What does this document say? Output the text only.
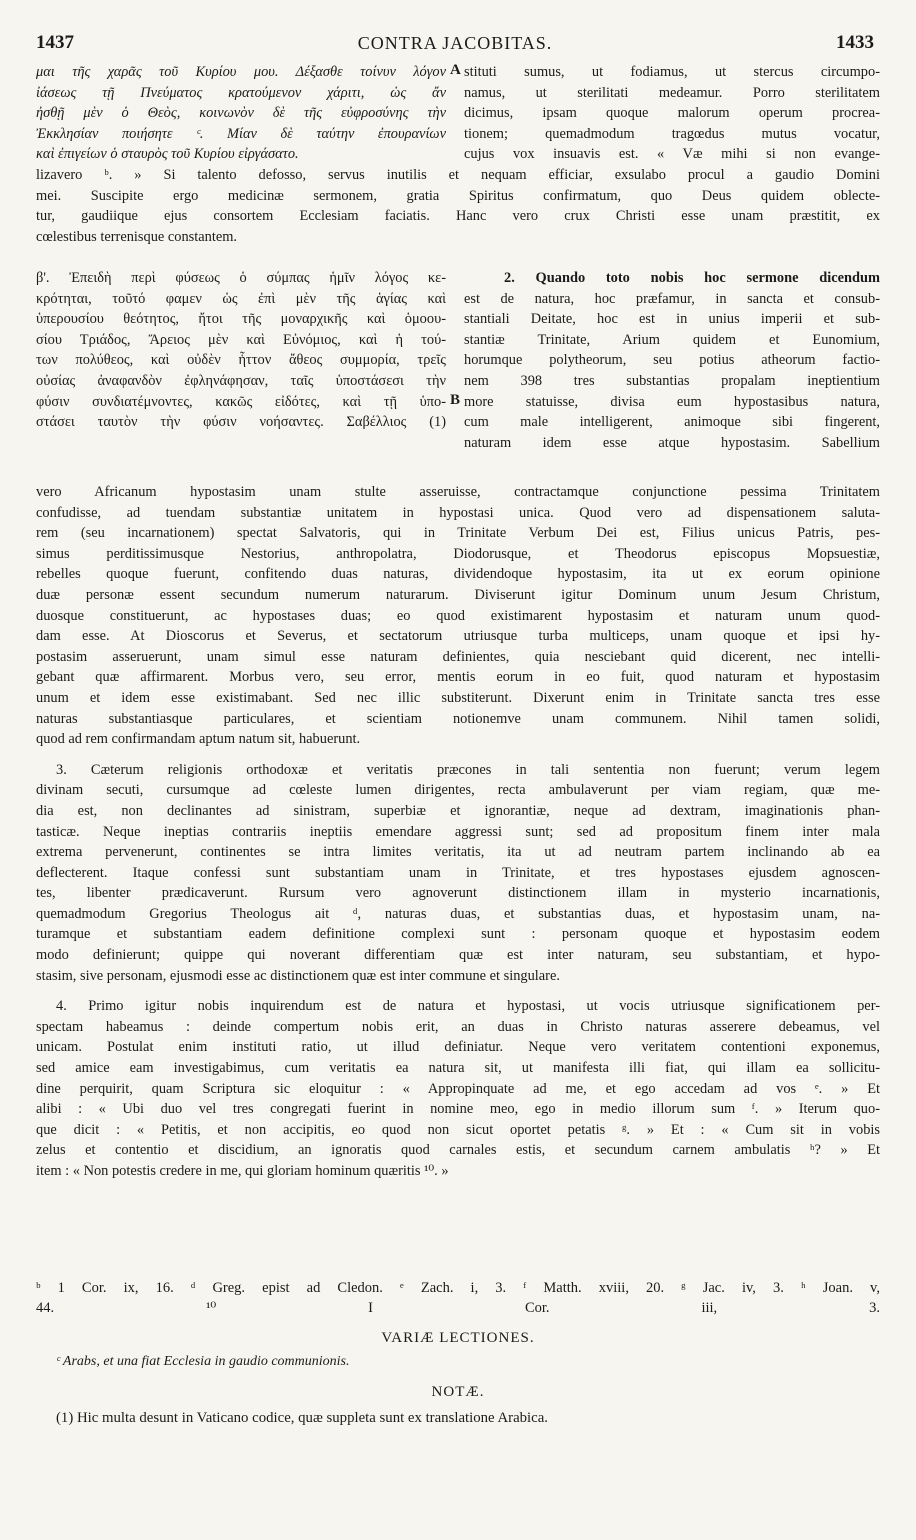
1437	CONTRA JACOBITAS.	1433
μαι τῆς χαρᾶς τοῦ Κυρίου μου. Δέξασθε τοίνυν λόγον
ἰάσεως τῇ Πνεύματος κρατούμενον χάριτι, ὡς ἄν
ἠσθῇ μὲν ὁ Θεὸς, κοινωνὸν δὲ τῆς εὐφροσύνης τὴν
Ἐκκλησίαν ποιήσητε ᶜ. Μίαν δὲ ταύτην ἐπουρανίων
καὶ ἐπιγείων ὁ σταυρὸς τοῦ Κυρίου εἰργάσατο.
A stituti sumus, ut fodiamus, ut stercus circumpo-
namus, ut sterilitati medeamur. Porro sterilitatem
dicimus, ipsam quoque malorum operum procrea-
tionem; quemadmodum tragœdus mutus vocatur,
cujus vox insuavis est. « Væ mihi si non evange-
lizavero ᵇ. » Si talento defosso, servus inutilis et nequam efficiar, exsulabo procul a gaudio Domini
mei. Suscipite ergo medicinæ sermonem, gratia Spiritus confirmatum, quo Deus quidem oblecte-
tur, gaudiique ejus consortem Ecclesiam faciatis. Hanc vero crux Christi esse unam præstitit, ex
cœlestibus terrenisque constantem.
β'. Ἐπειδὴ περὶ φύσεως ὁ σύμπας ἡμῖν λόγος κε-
κρότηται, τοῦτό φαμεν ὡς ἐπὶ μὲν τῆς ἁγίας καὶ
ὑπερουσίου θεότητος, ἤτοι τῆς μοναρχικῆς καὶ ὁμοου-
σίου Τριάδος, Ἄρειος μὲν καὶ Εὐνόμιος, καὶ ἡ τού-
των πολύθεος, καὶ οὐδὲν ἧττον ἄθεος συμμορία, τρεῖς
οὐσίας ἀναφανδὸν ἐφληνάφησαν, ταῖς ὑποστάσεσι τὴν
φύσιν συνδιατέμνοντες, κακῶς εἰδότες, καὶ τῇ ὑπο-
στάσει ταυτὸν τὴν φύσιν νοήσαντες. Σαβέλλιος (1)
B
2. Quando toto nobis hoc sermone dicendum
est de natura, hoc præfamur, in sancta et consub-
stantiali Deitate, hoc est in unius imperii et sub-
stantiæ Trinitate, Arium quidem et Eunomium,
horumque polytheorum, seu potius atheorum factio-
nem 398 tres substantias propalam ineptientium
more statuisse, divisa eum hypostasibus natura,
cum male intelligerent, animoque sibi fingerent,
naturam idem esse atque hypostasim. Sabellium
vero Africanum hypostasim unam stulte asseruisse, contractamque conjunctione pessima Trinitatem
confudisse, ad tuendam substantiæ unitatem in hypostasi unica. Quod vero ad dispensationem saluta-
rem (seu incarnationem) spectat Salvatoris, qui in Trinitate Verbum Dei est, Filius unicus Patris, pes-
simus perditissimusque Nestorius, anthropolatra, Diodorusque, et Theodorus episcopus Mopsuestiæ,
rebelles quoque fuerunt, confitendo duas naturas, dividendoque hypostasim, ita ut ex eorum opinione
duæ personæ essent secundum numerum naturarum. Diviserunt igitur Dominum unum Jesum Christum,
duosque constituerunt, ac hypostases duas; eo quod existimarent hypostasim et naturam unum quod-
dam esse. At Dioscorus et Severus, et sectatorum utriusque turba multiceps, unam quoque et ipsi hy-
postasim asseruerunt, unam simul esse naturam definientes, quia nesciebant quid dicerent, nec intelli-
gebant quæ affirmarent. Morbus vero, seu error, mentis eorum in eo fuit, quod naturam et hypostasim
unum et idem esse existimabant. Sed nec illic substiterunt. Dixerunt enim in Trinitate sancta tres esse
naturas substantiasque particulares, et scientiam notionemve unam communem. Nihil tamen solidi,
quod ad rem confirmandam aptum natum sit, habuerunt.
3. Cæterum religionis orthodoxæ et veritatis præcones in tali sententia non fuerunt; verum legem
divinam secuti, cursumque ad cœleste lumen dirigentes, recta ambulaverunt per viam regiam, quæ me-
dia est, non declinantes ad sinistram, superbiæ et ignorantiæ, neque ad dextram, imaginationis phan-
tasticæ. Neque ineptias contrariis ineptiis emendare aggressi sunt; sed ad propositum finem inter mala
extrema pervenerunt, continentes se intra limites veritatis, ita ut ad neutram partem inclinando ab ea
deflecterent. Itaque confessi sunt substantiam unam in Trinitate, et tres hypostases ejusdem agnoscen-
tes, libenter prædicaverunt. Rursum vero agnoverunt distinctionem illam in mysterio incarnationis,
quemadmodum Gregorius Theologus ait ᵈ, naturas duas, et substantias duas, et hypostasim unam, na-
turamque et substantiam eadem definitione complexi sunt : personam quoque et hypostasim eodem
modo definierunt; quippe qui noverant differentiam quæ est inter naturam, seu substantiam, et hypo-
stasim, sive personam, ejusmodi esse ac distinctionem quæ est inter commune et singulare.
4. Primo igitur nobis inquirendum est de natura et hypostasi, ut vocis utriusque significationem per-
spectam habeamus : deinde compertum nobis erit, an duas in Christo naturas asserere debeamus, vel
unicam. Postulat enim instituti ratio, ut illud definiatur. Neque vero veritatem contentioni exponemus,
sed amice eam investigabimus, cum veritatis ea natura sit, ut manifesta illi fiat, qui illam ea sollicitu-
dine perquirit, quam Scriptura sic eloquitur : « Appropinquate ad me, et ego accedam ad vos ᵉ. » Et
alibi : « Ubi duo vel tres congregati fuerint in nomine meo, ego in medio illorum sum ᶠ. » Iterum quo-
que dicit : « Petitis, et non accipitis, eo quod non sicut oportet petatis ᵍ. » Et : « Cum sit in vobis
zelus et contentio et discidium, an ignoratis quod carnales estis, et secundum carnem ambulatis ʰ? » Et
item : « Non potestis credere in me, qui gloriam hominum quæritis ¹⁰. »
ᵇ 1 Cor. ix, 16. ᵈ Greg. epist ad Cledon. ᵉ Zach. i, 3. ᶠ Matth. xviii, 20. ᵍ Jac. iv, 3. ʰ Joan. v,
44. ¹⁰ I Cor. iii, 3.
VARIÆ LECTIONES.
ᶜ Arabs, et una fiat Ecclesia in gaudio communionis.
NOTÆ.
(1) Hic multa desunt in Vaticano codice, quæ suppleta sunt ex translatione Arabica.
